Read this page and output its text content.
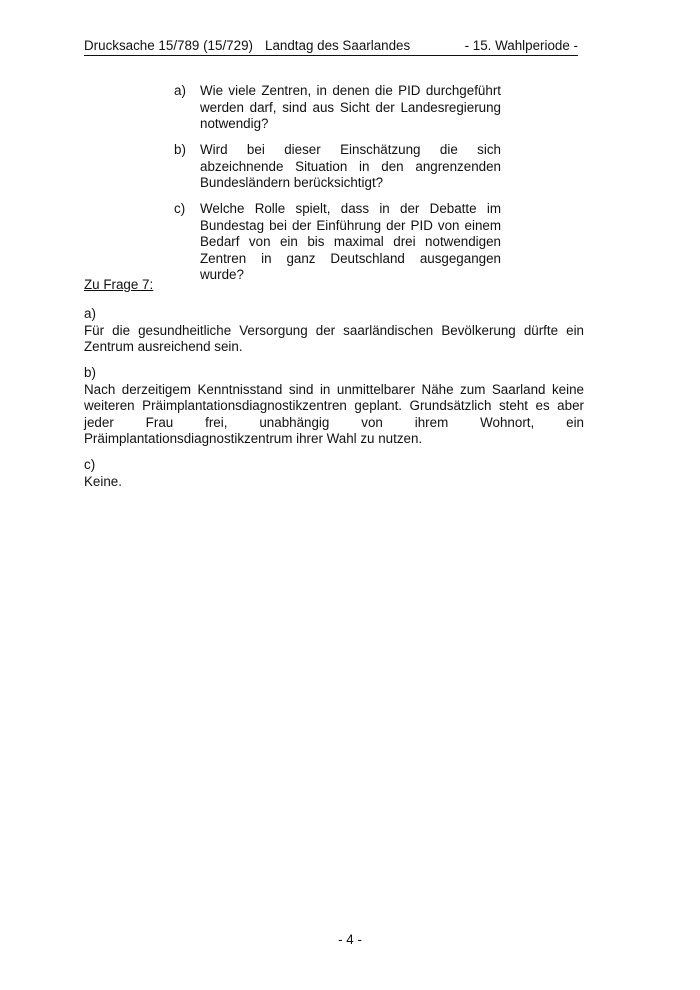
Drucksache 15/789 (15/729) Landtag des Saarlandes	- 15. Wahlperiode -
a) Wie viele Zentren, in denen die PID durchgeführt werden darf, sind aus Sicht der Landesregierung notwendig?
b) Wird bei dieser Einschätzung die sich abzeichnende Situation in den angrenzenden Bundesländern berücksichtigt?
c) Welche Rolle spielt, dass in der Debatte im Bundestag bei der Einführung der PID von einem Bedarf von ein bis maximal drei notwendigen Zentren in ganz Deutschland ausgegangen wurde?
Zu Frage 7:
a)
Für die gesundheitliche Versorgung der saarländischen Bevölkerung dürfte ein Zentrum ausreichend sein.
b)
Nach derzeitigem Kenntnisstand sind in unmittelbarer Nähe zum Saarland keine weiteren Präimplantationsdiagnostikzentren geplant. Grundsätzlich steht es aber jeder Frau frei, unabhängig von ihrem Wohnort, ein Präimplantationsdiagnostikzentrum ihrer Wahl zu nutzen.
c)
Keine.
- 4 -
